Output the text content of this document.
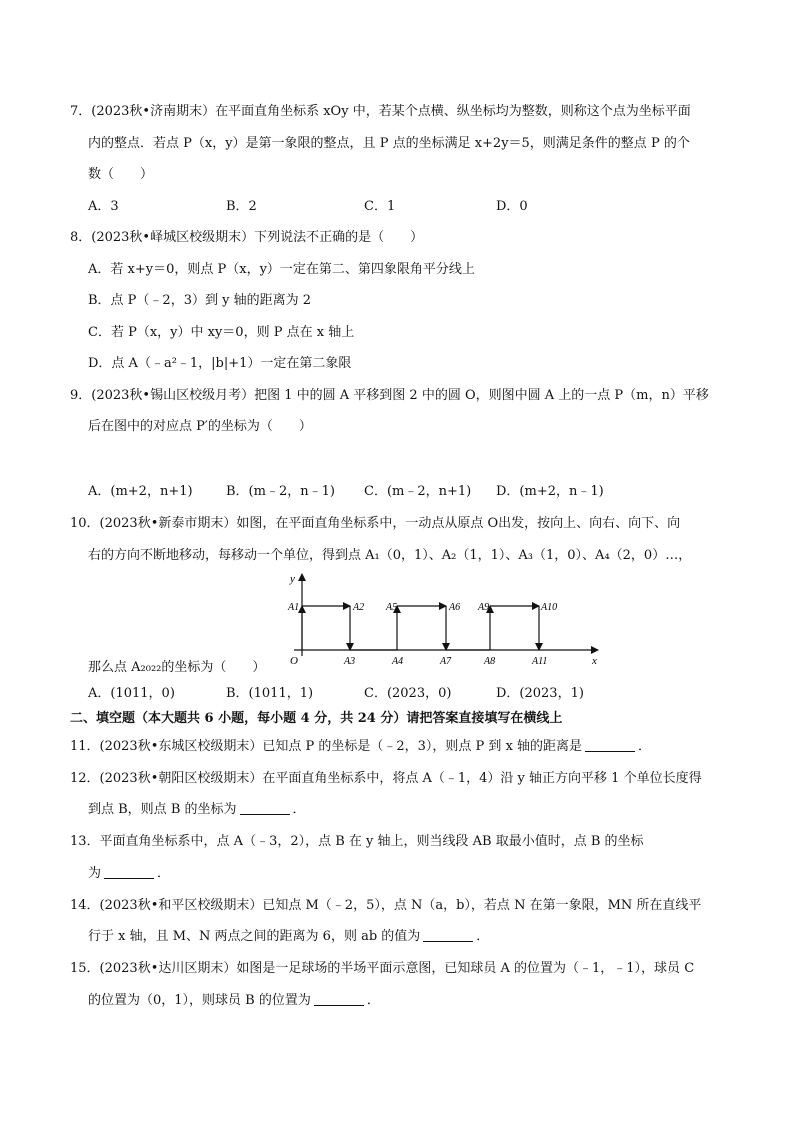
7．(2023秋•济南期末）在平面直角坐标系 xOy 中，若某个点横、纵坐标均为整数，则称这个点为坐标平面
内的整点．若点 P（x，y）是第一象限的整点，且 P 点的坐标满足 x+2y＝5，则满足条件的整点 P 的个
数（　　）
A．3	B．2	C．1	D．0
8．(2023秋•峄城区校级期末）下列说法不正确的是（　　）
A．若 x+y＝0，则点 P（x，y）一定在第二、第四象限角平分线上
B．点 P（﹣2，3）到 y 轴的距离为 2
C．若 P（x，y）中 xy＝0，则 P 点在 x 轴上
D．点 A（﹣a²﹣1，|b|+1）一定在第二象限
9．(2023秋•锡山区校级月考）把图 1 中的圆 A 平移到图 2 中的圆 O，则图中圆 A 上的一点 P（m，n）平移
后在图中的对应点 P′的坐标为（　　）
A．(m+2，n+1)	B．(m﹣2，n﹣1) C．(m﹣2，n+1) D．(m+2，n﹣1)
10．(2023秋•新泰市期末）如图，在平面直角坐标系中，一动点从原点 O出发，按向上、向右、向下、向
右的方向不断地移动，每移动一个单位，得到点 A₁（0，1）、A₂（1，1）、A₃（1，0）、A₄（2，0）…，
y
x
O
A1	A2 A5	A6 A9	A10
A3	A4	A7	A8	A11
那么点 A₂₀₂₂的坐标为（　　）
A．(1011，0)	B．(1011，1)	C．(2023，0)	D．(2023，1)
二、填空题（本大题共 6 小题，每小题 4 分，共 24 分）请把答案直接填写在横线上
11．(2023秋•东城区校级期末）已知点 P 的坐标是（﹣2，3），则点 P 到 x 轴的距离是	．
12．(2023秋•朝阳区校级期末）在平面直角坐标系中，将点 A（﹣1，4）沿 y 轴正方向平移 1 个单位长度得
到点 B，则点 B 的坐标为	．
13．平面直角坐标系中，点 A（﹣3，2），点 B 在 y 轴上，则当线段 AB 取最小值时，点 B 的坐标
为	．
14．(2023秋•和平区校级期末）已知点 M（﹣2，5），点 N（a，b），若点 N 在第一象限，MN 所在直线平
行于 x 轴，且 M、N 两点之间的距离为 6，则 ab 的值为	．
15．(2023秋•达川区期末）如图是一足球场的半场平面示意图，已知球员 A 的位置为（﹣1，﹣1），球员 C
的位置为（0，1），则球员 B 的位置为	．
